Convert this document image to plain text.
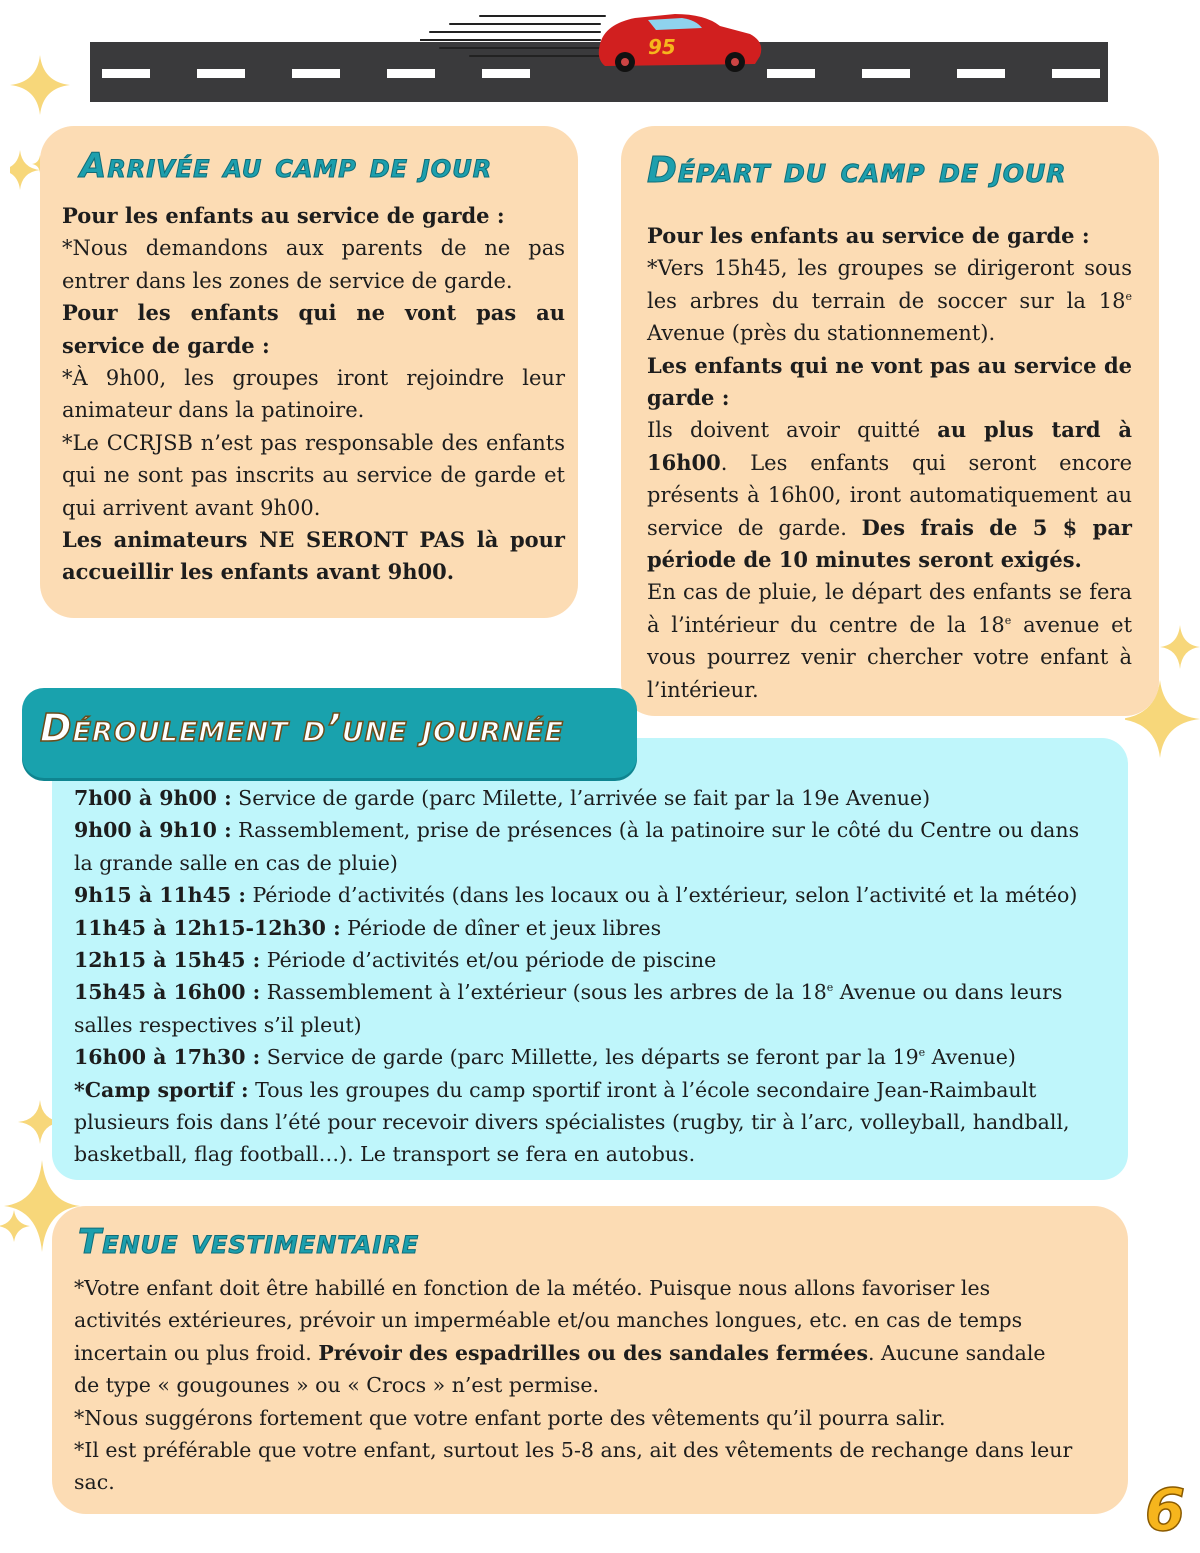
95
Arrivée au camp de jour

Pour les enfants au service de garde :

*Nous demandons aux parents de ne pas entrer dans les zones de service de garde.

Pour les enfants qui ne vont pas au service de garde :

*À 9h00, les groupes iront rejoindre leur animateur dans la patinoire.

*Le CCRJSB n’est pas responsable des enfants qui ne sont pas inscrits au service de garde et qui arrivent avant 9h00.

Les animateurs NE SERONT PAS là pour accueillir les enfants avant 9h00.

Départ du camp de jour

Pour les enfants au service de garde :

*Vers 15h45, les groupes se dirigeront sous les arbres du terrain de soccer sur la 18e Avenue (près du stationnement).

Les enfants qui ne vont pas au service de garde :

Ils doivent avoir quitté au plus tard à 16h00. Les enfants qui seront encore présents à 16h00, iront automatiquement au service de garde. Des frais de 5 $ par période de 10 minutes seront exigés.

En cas de pluie, le départ des enfants se fera à l’intérieur du centre de la 18e avenue et vous pourrez venir chercher votre enfant à l’intérieur.

7h00 à 9h00 : Service de garde (parc Milette, l’arrivée se fait par la 19e Avenue)

9h00 à 9h10 : Rassemblement, prise de présences (à la patinoire sur le côté du Centre ou dans la grande salle en cas de pluie)

9h15 à 11h45 : Période d’activités (dans les locaux ou à l’extérieur, selon l’activité et la météo)

11h45 à 12h15-12h30 : Période de dîner et jeux libres

12h15 à 15h45 : Période d’activités et/ou période de piscine

15h45 à 16h00 : Rassemblement à l’extérieur (sous les arbres de la 18e Avenue ou dans leurs salles respectives s’il pleut)

16h00 à 17h30 : Service de garde (parc Millette, les départs se feront par la 19e Avenue)

*Camp sportif : Tous les groupes du camp sportif iront à l’école secondaire Jean-Raimbault plusieurs fois dans l’été pour recevoir divers spécialistes (rugby, tir à l’arc, volleyball, handball, basketball, flag football…). Le transport se fera en autobus.

Déroulement d’une journée
Tenue vestimentaire

*Votre enfant doit être habillé en fonction de la météo. Puisque nous allons favoriser les activités extérieures, prévoir un imperméable et/ou manches longues, etc. en cas de temps incertain ou plus froid. Prévoir des espadrilles ou des sandales fermées. Aucune sandale de type « gougounes » ou « Crocs » n’est permise.

*Nous suggérons fortement que votre enfant porte des vêtements qu’il pourra salir.

*Il est préférable que votre enfant, surtout les 5-8 ans, ait des vêtements de rechange dans leur sac.	6
